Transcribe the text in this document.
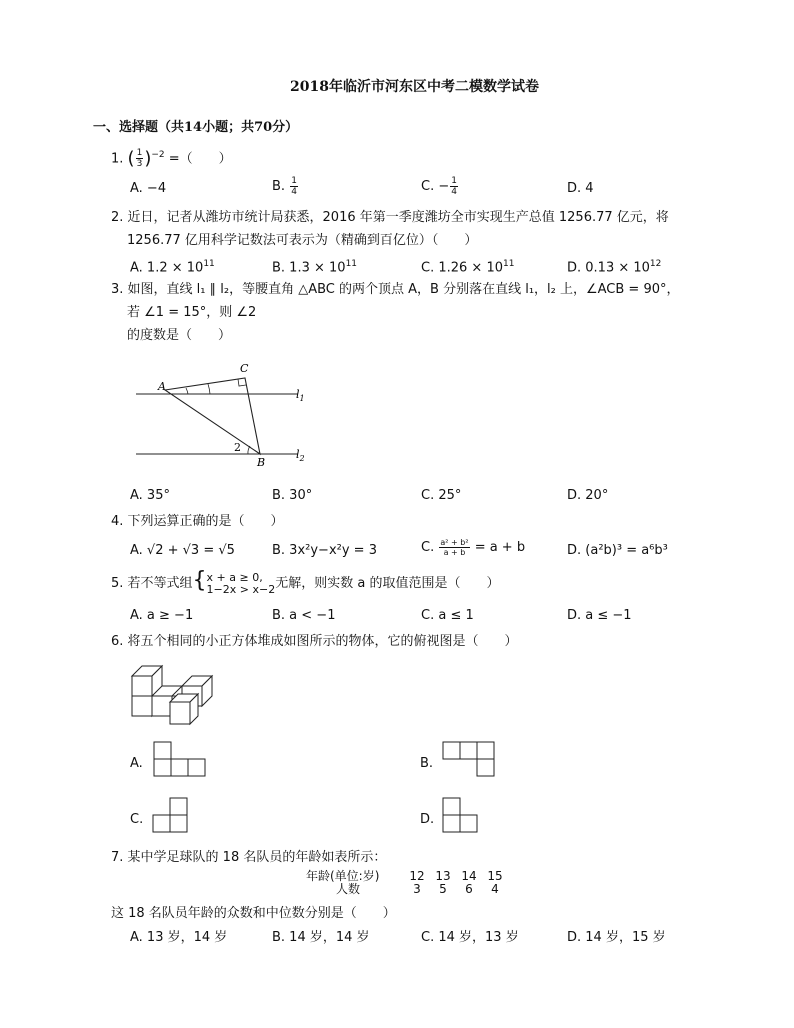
2018年临沂市河东区中考二模数学试卷
一、选择题（共14小题；共70分）
1. ( $\frac{1}{3} )^{-2}$ =（　　）
A. −4	B. $\frac{1}{4}$	C. − $\frac{1}{4}$	D. 4
2. 近日，记者从潍坊市统计局获悉，2016 年第一季度潍坊全市实现生产总值 1256.77 亿元，将
1256.77 亿用科学记数法可表示为（精确到百亿位）（　　）
A. $1.2 \times 10^{11}$	B. $1.3 \times 10^{11}$	C. $1.26 \times 10^{11}$	D. $0.13 \times 10^{12}$
3. 如图，直线 l₁ ∥ l₂，等腰直角 △ABC 的两个顶点 A，B 分别落在直线 l₁，l₂ 上，∠ACB = 90°，
若 ∠1 = 15°，则 ∠2
的度数是（　　）
A
C
B
2
$l_1$
$l_2$
A. 35°	B. 30°	C. 25°	D. 20°
4. 下列运算正确的是（　　）
A. √2 + √3 = √5	B. 3x²y−x²y = 3	C. $\frac{\text{a² + b²}}{a + b} = a + b$	D. (a²b)³ = a⁶b³
5. 若不等式组{ x + a ≥ 0,
1−2x > x−2 无解，则实数 a 的取值范围是（　　）
A. a ≥ −1	B. a < −1	C. a ≤ 1	D. a ≤ −1
6. 将五个相同的小正方体堆成如图所示的物体，它的俯视图是（　　）
A.	B.
C.	D.
7. 某中学足球队的 18 名队员的年龄如表所示：
年龄(单位:岁)	12 13 14 15
人数	3	5	6	4
这 18 名队员年龄的众数和中位数分别是（　　）
A. 13 岁，14 岁	B. 14 岁，14 岁	C. 14 岁，13 岁	D. 14 岁，15 岁
